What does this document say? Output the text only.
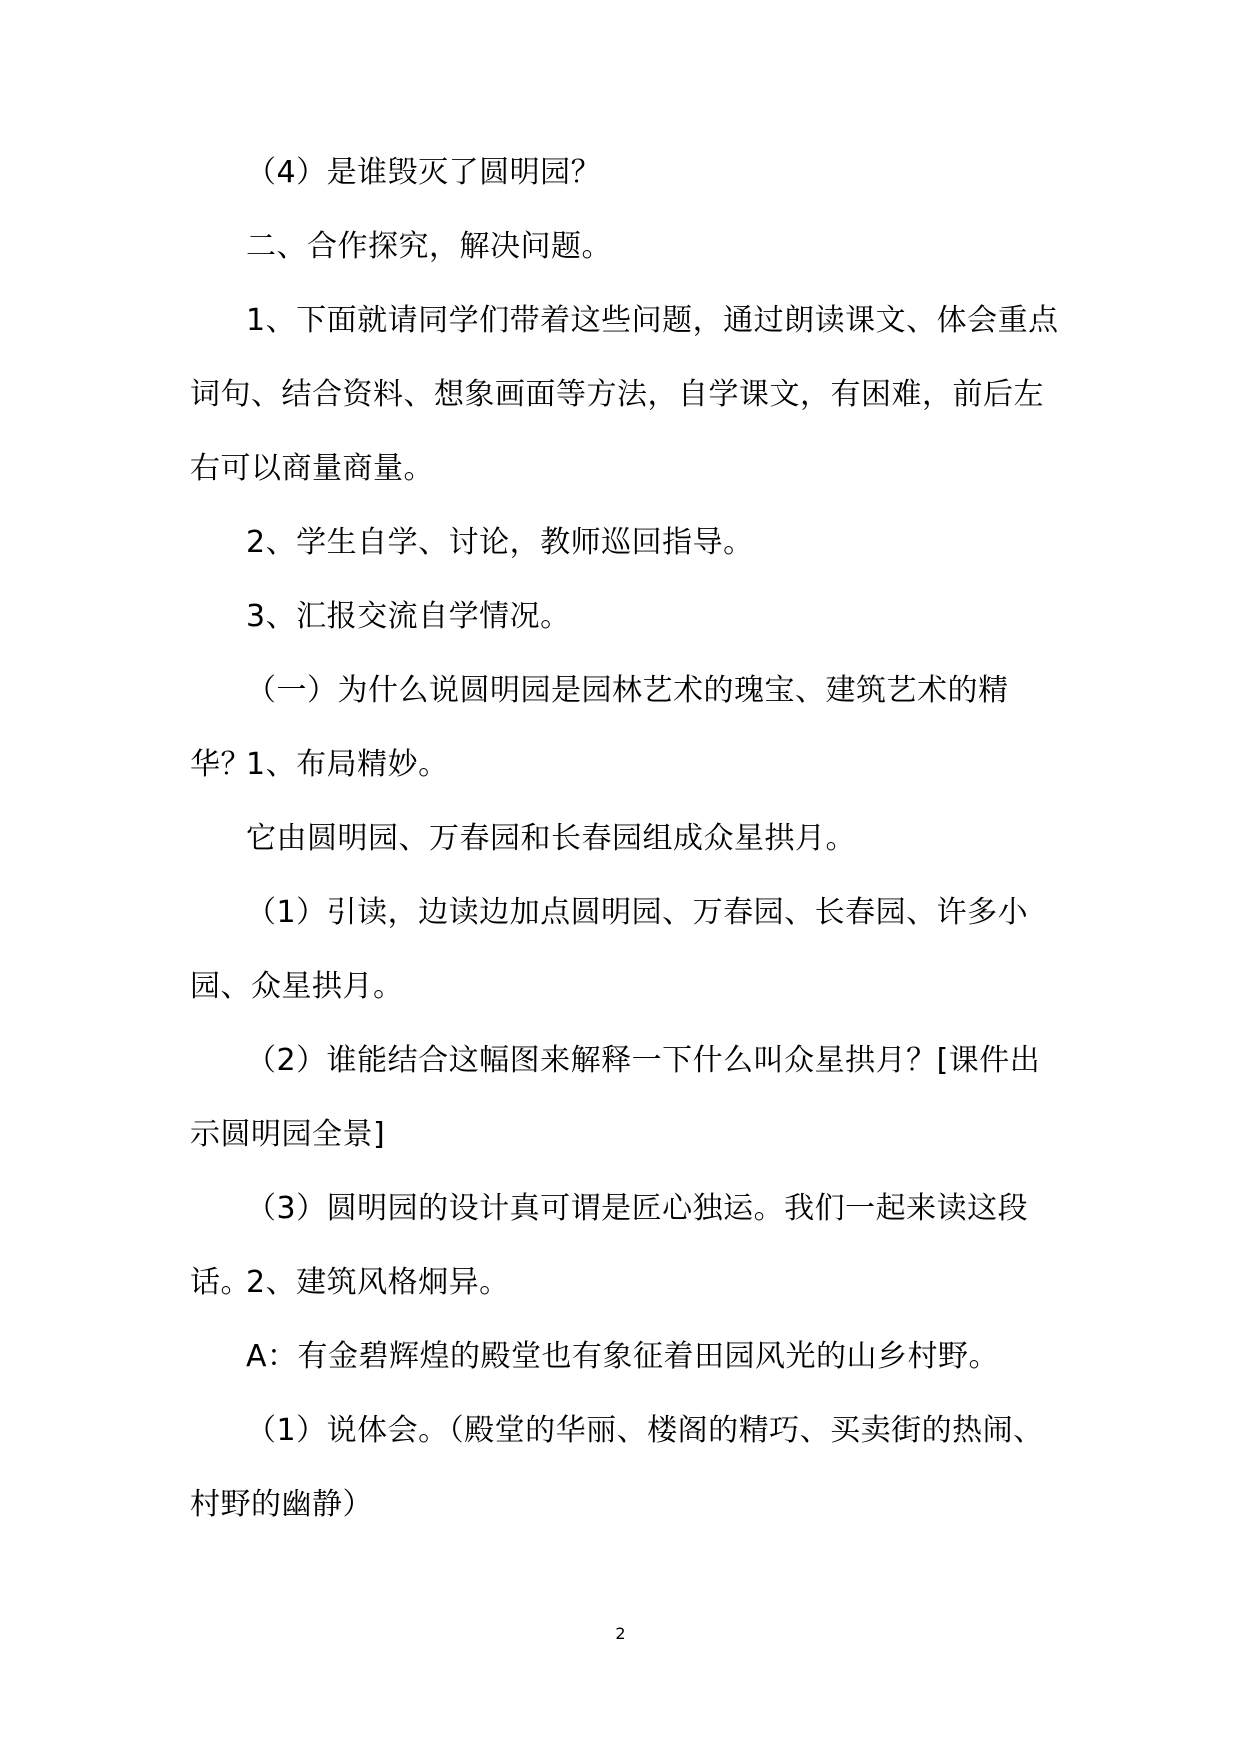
（4）是谁毁灭了圆明园？

二、合作探究，解决问题。

1、下面就请同学们带着这些问题，通过朗读课文、体会重点词句、结合资料、想象画面等方法，自学课文，有困难，前后左右可以商量商量。

2、学生自学、讨论，教师巡回指导。

3、汇报交流自学情况。

（一）为什么说圆明园是园林艺术的瑰宝、建筑艺术的精华？

1、布局精妙。

它由圆明园、万春园和长春园组成众星拱月。

（1）引读，边读边加点圆明园、万春园、长春园、许多小园、众星拱月。

（2）谁能结合这幅图来解释一下什么叫众星拱月？[课件出示圆明园全景]

（3）圆明园的设计真可谓是匠心独运。我们一起来读这段话。

2、建筑风格炯异。

A：有金碧辉煌的殿堂也有象征着田园风光的山乡村野。

（1）说体会。（殿堂的华丽、楼阁的精巧、买卖街的热闹、村野的幽静）

2
